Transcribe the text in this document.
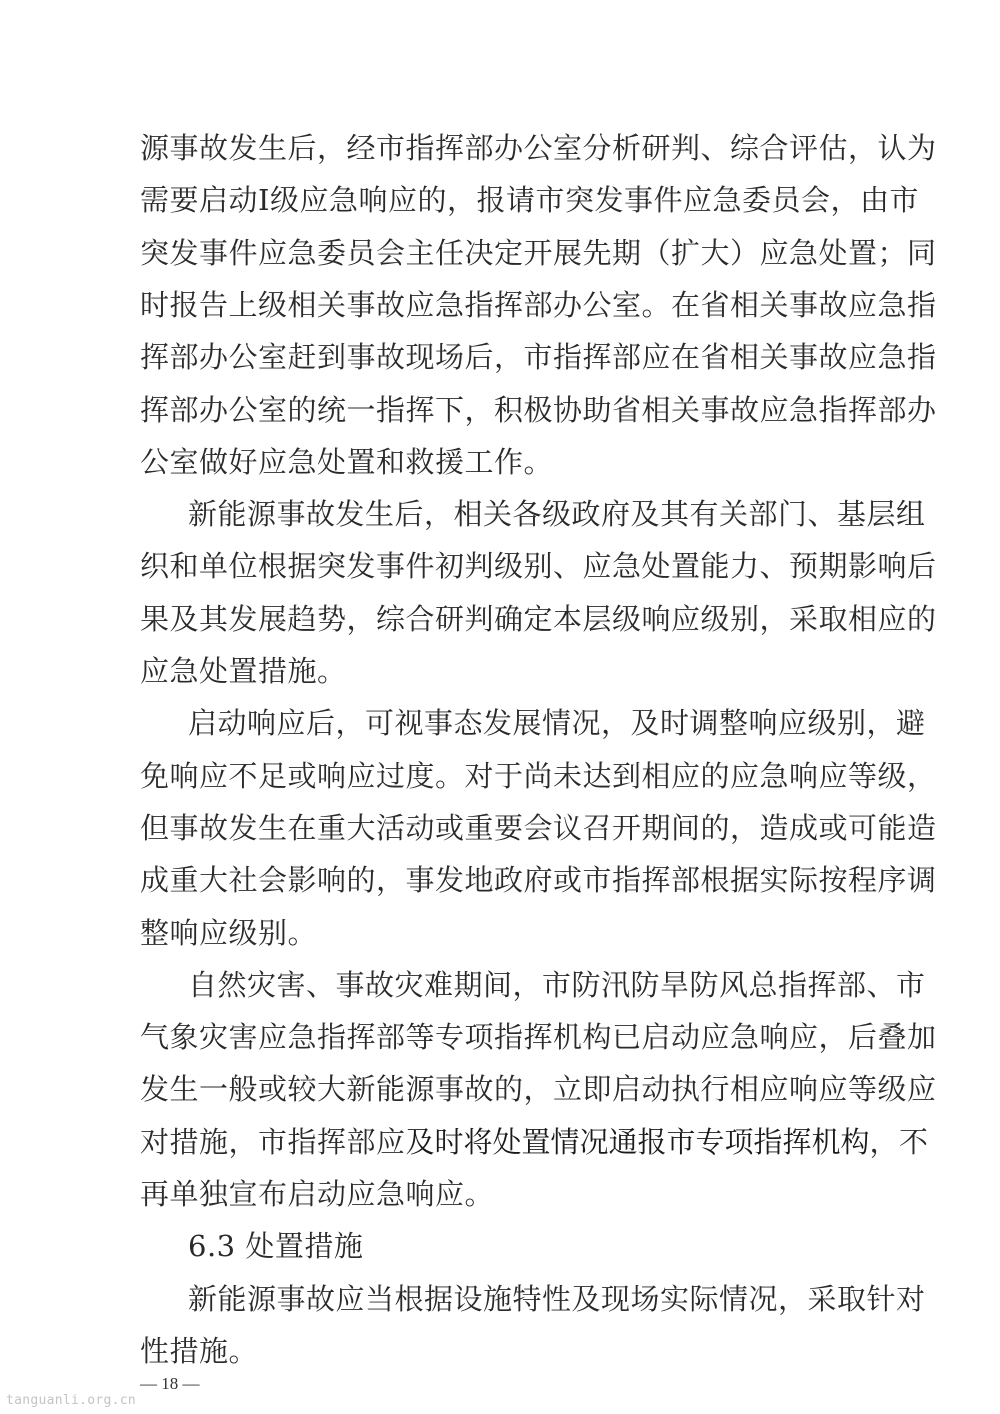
源事故发生后，经市指挥部办公室分析研判、综合评估，认为
需要启动Ⅰ级应急响应的，报请市突发事件应急委员会，由市
突发事件应急委员会主任决定开展先期（扩大）应急处置；同
时报告上级相关事故应急指挥部办公室。在省相关事故应急指
挥部办公室赶到事故现场后，市指挥部应在省相关事故应急指
挥部办公室的统一指挥下，积极协助省相关事故应急指挥部办
公室做好应急处置和救援工作。
新能源事故发生后，相关各级政府及其有关部门、基层组
织和单位根据突发事件初判级别、应急处置能力、预期影响后
果及其发展趋势，综合研判确定本层级响应级别，采取相应的
应急处置措施。
启动响应后，可视事态发展情况，及时调整响应级别，避
免响应不足或响应过度。对于尚未达到相应的应急响应等级，
但事故发生在重大活动或重要会议召开期间的，造成或可能造
成重大社会影响的，事发地政府或市指挥部根据实际按程序调
整响应级别。
自然灾害、事故灾难期间，市防汛防旱防风总指挥部、市
气象灾害应急指挥部等专项指挥机构已启动应急响应，后叠加
发生一般或较大新能源事故的，立即启动执行相应响应等级应
对措施，市指挥部应及时将处置情况通报市专项指挥机构，不
再单独宣布启动应急响应。
6.3 处置措施
新能源事故应当根据设施特性及现场实际情况，采取针对
性措施。
tanguanli.org.cn
— 18 —
